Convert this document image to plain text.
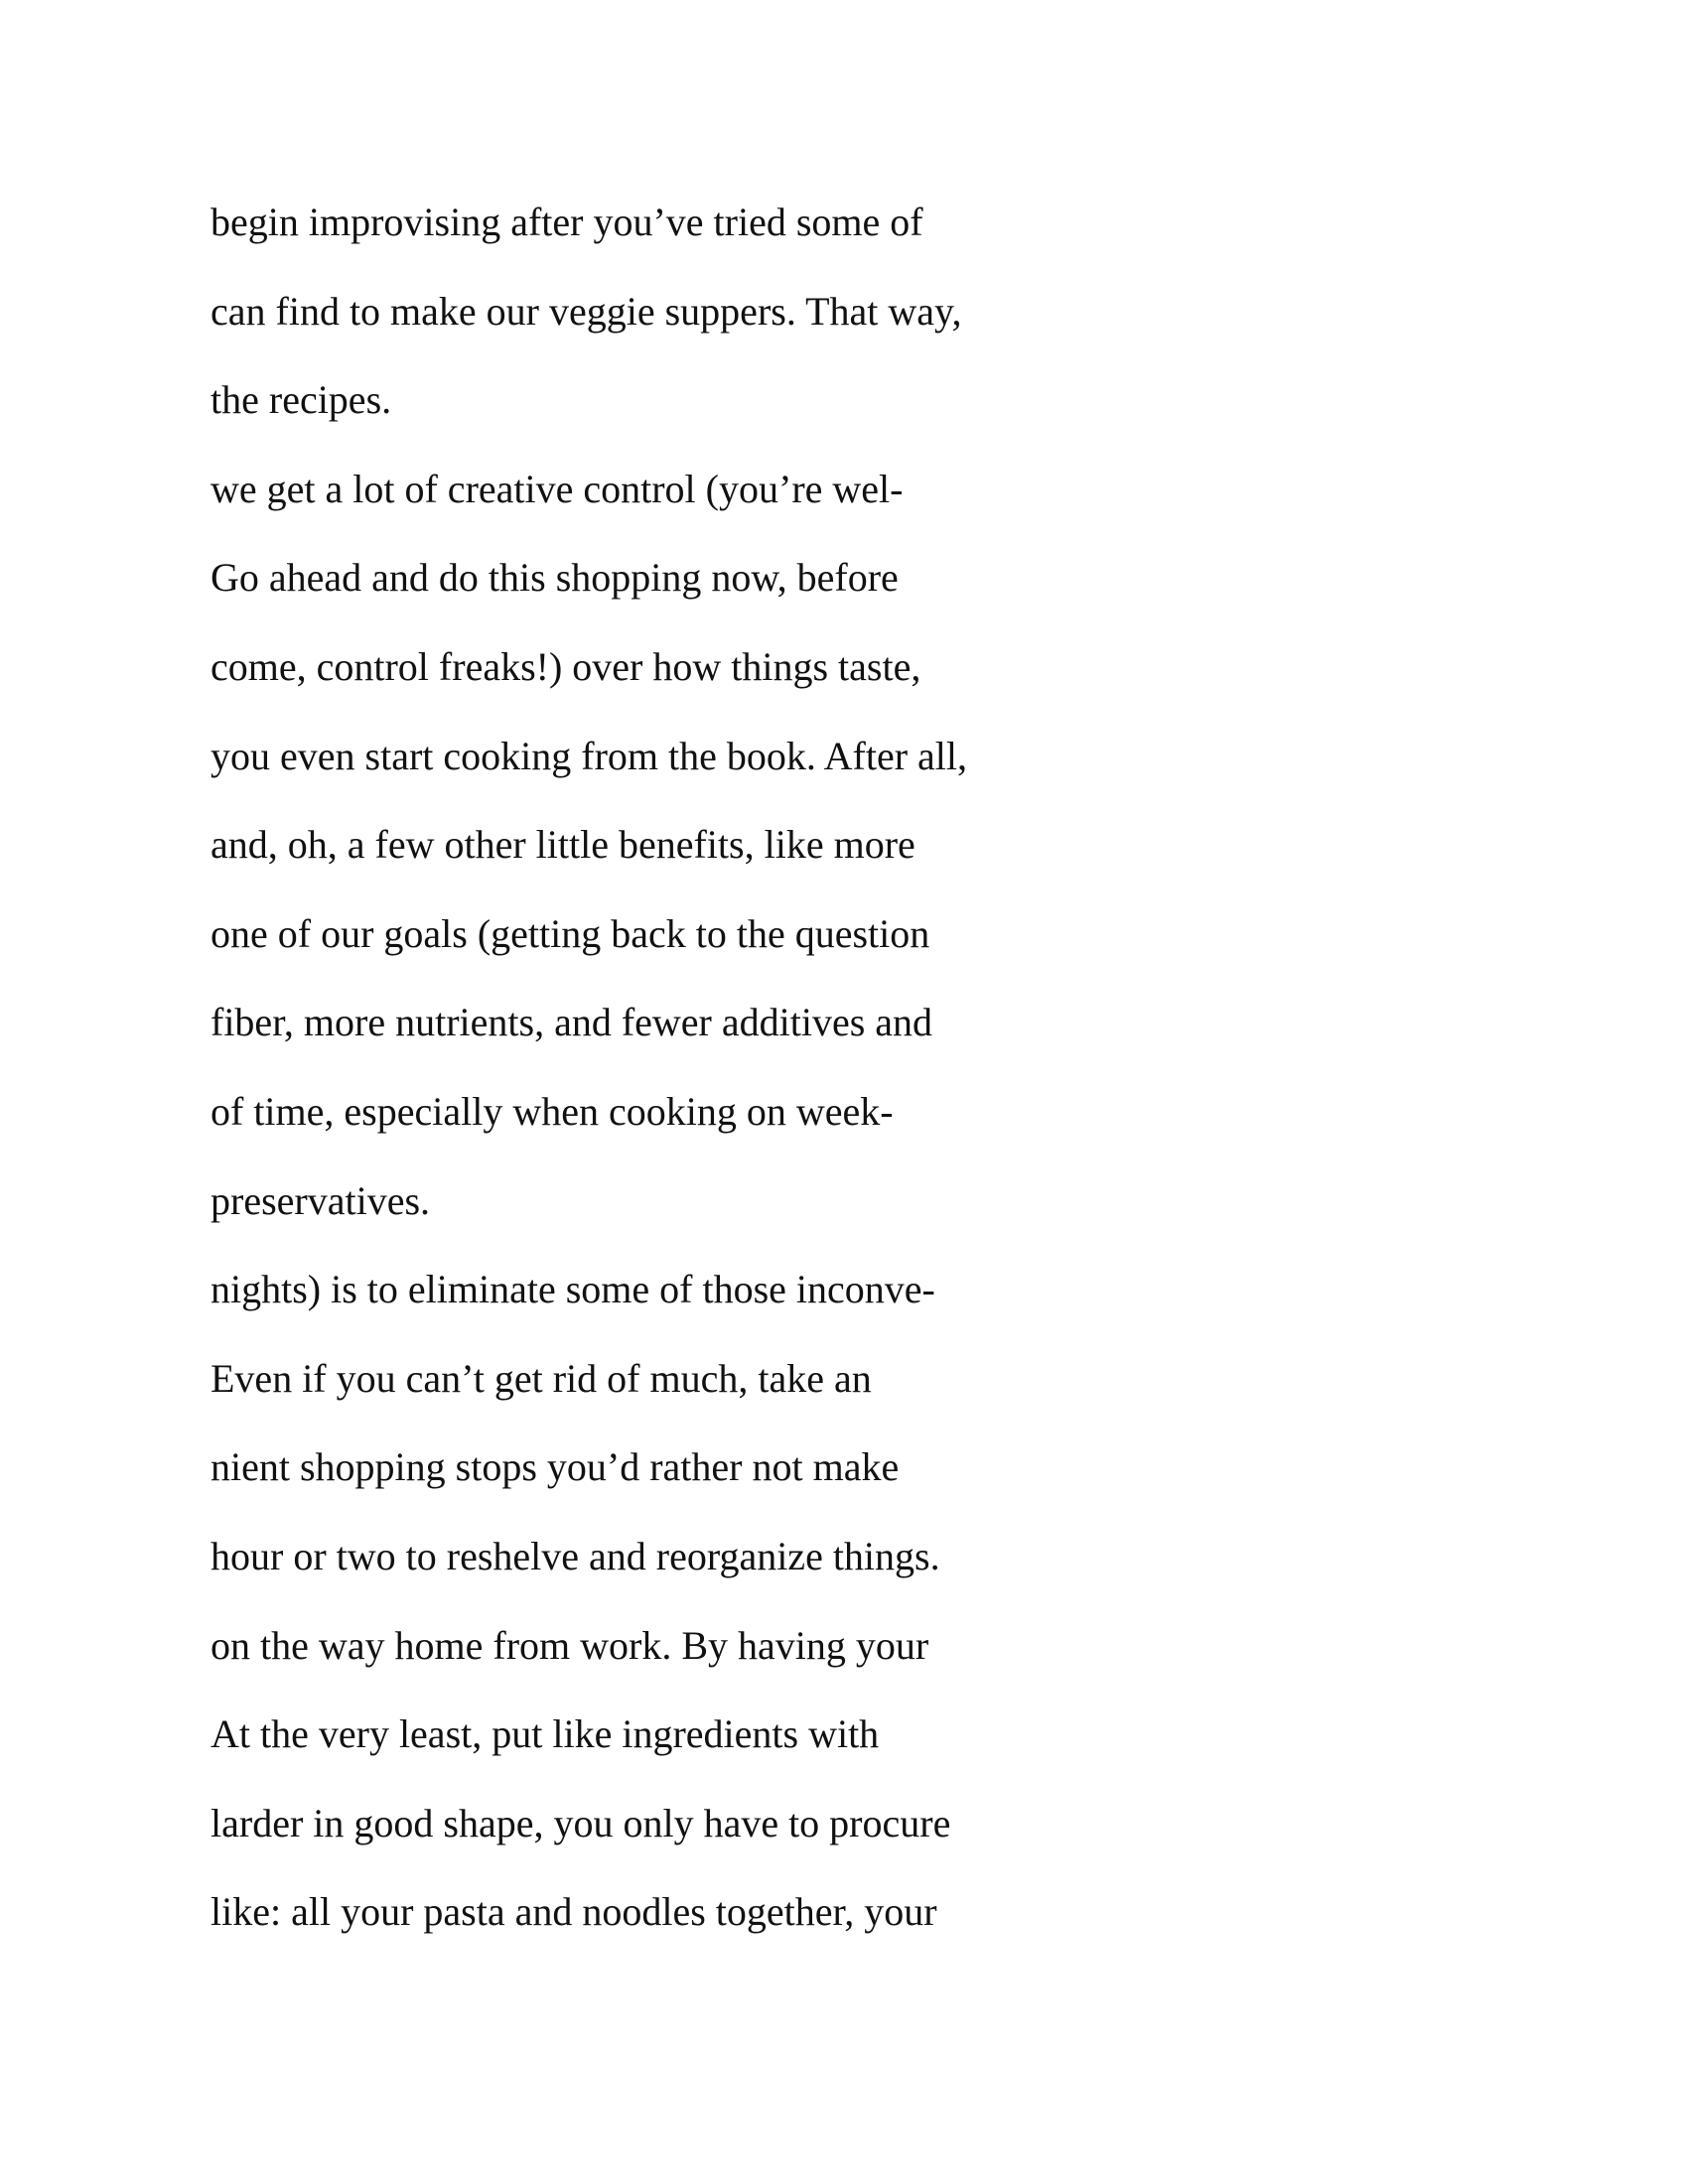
begin improvising after you’ve tried some of
can find to make our veggie suppers. That way,
the recipes.
we get a lot of creative control (you’re wel-
Go ahead and do this shopping now, before
come, control freaks!) over how things taste,
you even start cooking from the book. After all,
and, oh, a few other little benefits, like more
one of our goals (getting back to the question
fiber, more nutrients, and fewer additives and
of time, especially when cooking on week-
preservatives.
nights) is to eliminate some of those inconve-
Even if you can’t get rid of much, take an
nient shopping stops you’d rather not make
hour or two to reshelve and reorganize things.
on the way home from work. By having your
At the very least, put like ingredients with
larder in good shape, you only have to procure
like: all your pasta and noodles together, your
